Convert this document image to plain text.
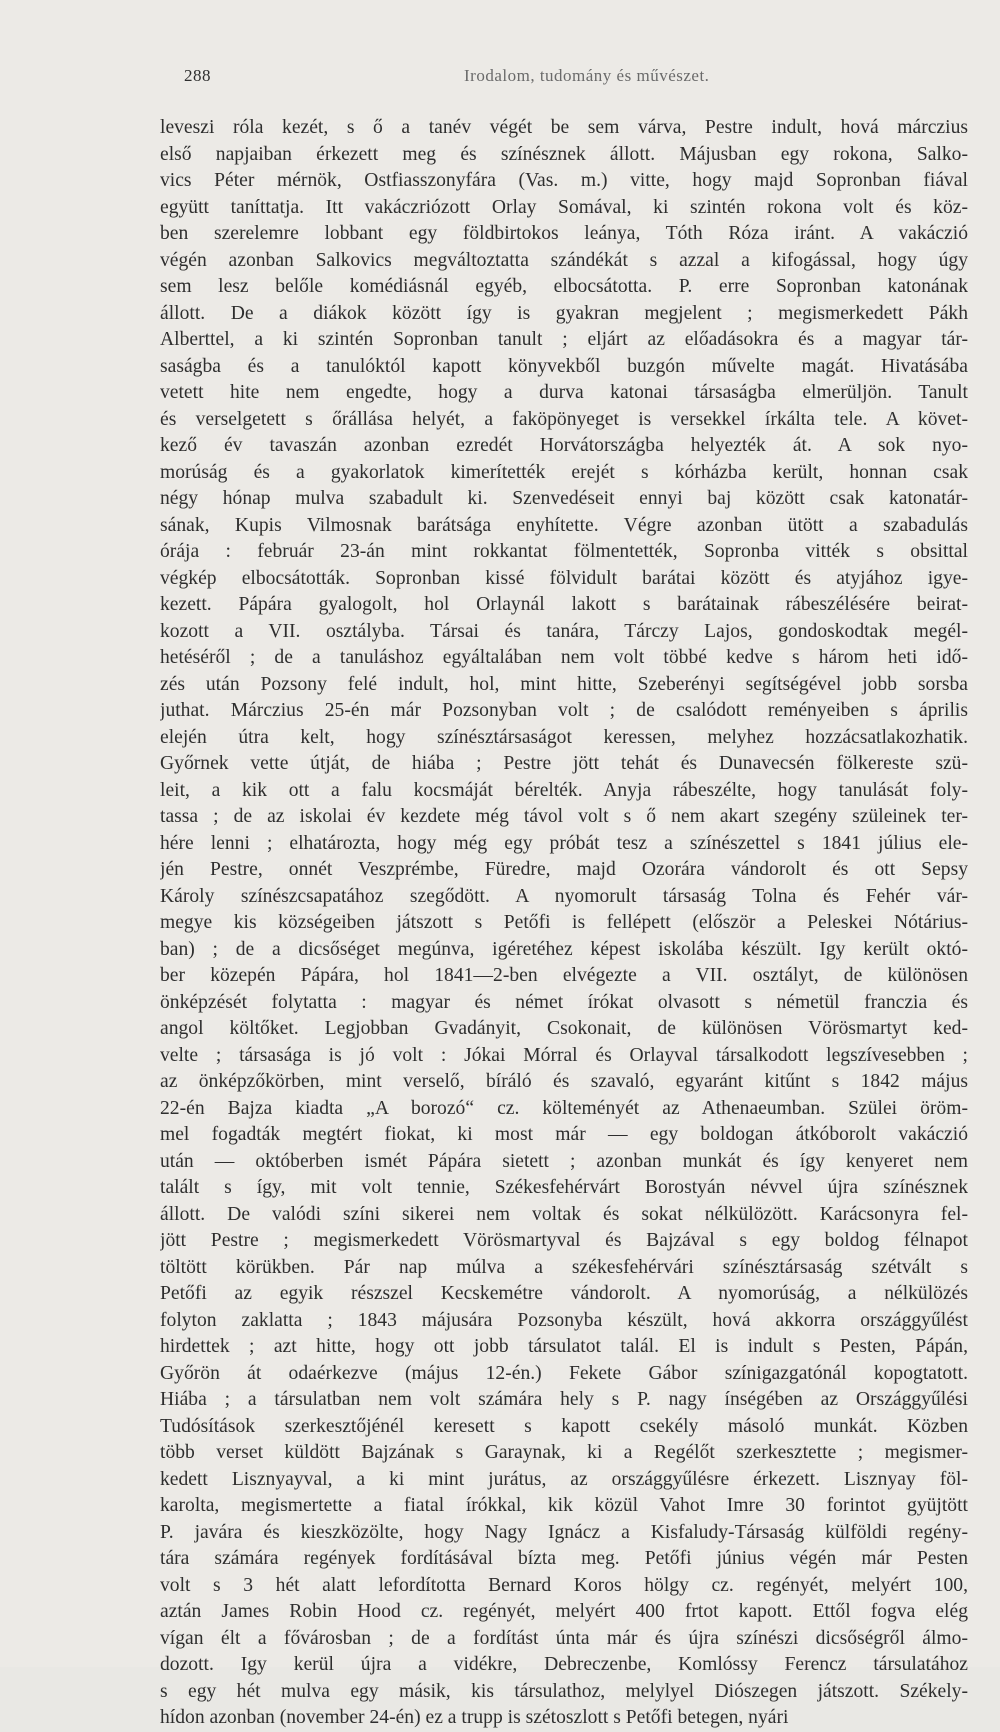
288	Irodalom, tudomány és művészet.
leveszi róla kezét, s ő a tanév végét be sem várva, Pestre indult, hová márczius
első napjaiban érkezett meg és színésznek állott. Májusban egy rokona, Salko-
vics Péter mérnök, Ostfiasszonyfára (Vas. m.) vitte, hogy majd Sopronban fiával
együtt taníttatja. Itt vakáczriózott Orlay Somával, ki szintén rokona volt és köz-
ben szerelemre lobbant egy földbirtokos leánya, Tóth Róza iránt. A vakáczió
végén azonban Salkovics megváltoztatta szándékát s azzal a kifogással, hogy úgy
sem lesz belőle komédiásnál egyéb, elbocsátotta. P. erre Sopronban katonának
állott. De a diákok között így is gyakran megjelent ; megismerkedett Pákh
Alberttel, a ki szintén Sopronban tanult ; eljárt az előadásokra és a magyar tár-
saságba és a tanulóktól kapott könyvekből buzgón művelte magát. Hivatásába
vetett hite nem engedte, hogy a durva katonai társaságba elmerüljön. Tanult
és verselgetett s őrállása helyét, a faköpönyeget is versekkel írkálta tele. A követ-
kező év tavaszán azonban ezredét Horvátországba helyezték át. A sok nyo-
morúság és a gyakorlatok kimerítették erejét s kórházba került, honnan csak
négy hónap mulva szabadult ki. Szenvedéseit ennyi baj között csak katonatár-
sának, Kupis Vilmosnak barátsága enyhítette. Végre azonban ütött a szabadulás
órája : február 23-án mint rokkantat fölmentették, Sopronba vitték s obsittal
végkép elbocsátották. Sopronban kissé fölvidult barátai között és atyjához igye-
kezett. Pápára gyalogolt, hol Orlaynál lakott s barátainak rábeszélésére beirat-
kozott a VII. osztályba. Társai és tanára, Tárczy Lajos, gondoskodtak megél-
hetéséről ; de a tanuláshoz egyáltalában nem volt többé kedve s három heti idő-
zés után Pozsony felé indult, hol, mint hitte, Szeberényi segítségével jobb sorsba
juthat. Márczius 25-én már Pozsonyban volt ; de csalódott reményeiben s április
elején útra kelt, hogy színésztársaságot keressen, melyhez hozzácsatlakozhatik.
Győrnek vette útját, de hiába ; Pestre jött tehát és Dunavecsén fölkereste szü-
leit, a kik ott a falu kocsmáját bérelték. Anyja rábeszélte, hogy tanulását foly-
tassa ; de az iskolai év kezdete még távol volt s ő nem akart szegény szüleinek ter-
hére lenni ; elhatározta, hogy még egy próbát tesz a színészettel s 1841 július ele-
jén Pestre, onnét Veszprémbe, Füredre, majd Ozorára vándorolt és ott Sepsy
Károly színészcsapatához szegődött. A nyomorult társaság Tolna és Fehér vár-
megye kis községeiben játszott s Petőfi is fellépett (először a Peleskei Nótárius-
ban) ; de a dicsőséget megúnva, igéretéhez képest iskolába készült. Igy került októ-
ber közepén Pápára, hol 1841—2-ben elvégezte a VII. osztályt, de különösen
önképzését folytatta : magyar és német írókat olvasott s németül franczia és
angol költőket. Legjobban Gvadányit, Csokonait, de különösen Vörösmartyt ked-
velte ; társasága is jó volt : Jókai Mórral és Orlayval társalkodott legszívesebben ;
az önképzőkörben, mint verselő, bíráló és szavaló, egyaránt kitűnt s 1842 május
22-én Bajza kiadta „A borozó“ cz. költeményét az Athenaeumban. Szülei öröm-
mel fogadták megtért fiokat, ki most már — egy boldogan átkóborolt vakáczió
után — októberben ismét Pápára sietett ; azonban munkát és így kenyeret nem
talált s így, mit volt tennie, Székesfehérvárt Borostyán névvel újra színésznek
állott. De valódi színi sikerei nem voltak és sokat nélkülözött. Karácsonyra fel-
jött Pestre ; megismerkedett Vörösmartyval és Bajzával s egy boldog félnapot
töltött körükben. Pár nap múlva a székesfehérvári színésztársaság szétvált s
Petőfi az egyik részszel Kecskemétre vándorolt. A nyomorúság, a nélkülözés
folyton zaklatta ; 1843 májusára Pozsonyba készült, hová akkorra országgyűlést
hirdettek ; azt hitte, hogy ott jobb társulatot talál. El is indult s Pesten, Pápán,
Győrön át odaérkezve (május 12-én.) Fekete Gábor színigazgatónál kopogtatott.
Hiába ; a társulatban nem volt számára hely s P. nagy ínségében az Országgyűlési
Tudósítások szerkesztőjénél keresett s kapott csekély másoló munkát. Közben
több verset küldött Bajzának s Garaynak, ki a Regélőt szerkesztette ; megismer-
kedett Lisznyayval, a ki mint jurátus, az országgyűlésre érkezett. Lisznyay föl-
karolta, megismertette a fiatal írókkal, kik közül Vahot Imre 30 forintot gyüjtött
P. javára és kieszközölte, hogy Nagy Ignácz a Kisfaludy-Társaság külföldi regény-
tára számára regények fordításával bízta meg. Petőfi június végén már Pesten
volt s 3 hét alatt lefordította Bernard Koros hölgy cz. regényét, melyért 100,
aztán James Robin Hood cz. regényét, melyért 400 frtot kapott. Ettől fogva elég
vígan élt a fővárosban ; de a fordítást únta már és újra színészi dicsőségről álmo-
dozott. Igy kerül újra a vidékre, Debreczenbe, Komlóssy Ferencz társulatához
s egy hét mulva egy másik, kis társulathoz, melylyel Diószegen játszott. Székely-
hídon azonban (november 24-én) ez a trupp is szétoszlott s Petőfi betegen, nyári
